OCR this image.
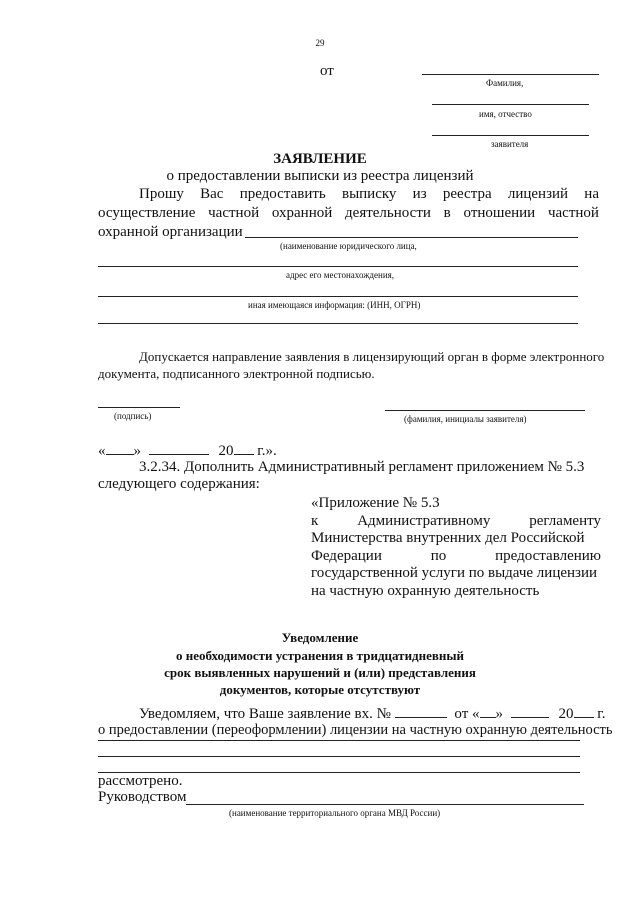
29
от
Фамилия,
имя, отчество
заявителя
ЗАЯВЛЕНИЕ
о предоставлении выписки из реестра лицензий
Прошу Вас предоставить выписку из реестра лицензий на
осуществление частной охранной деятельности в отношении частной
охранной организации
(наименование юридического лица,
адрес его местонахождения,
иная имеющаяся информация: (ИНН, ОГРН)
Допускается направление заявления в лицензирующий орган в форме электронного
документа, подписанного электронной подписью.
(подпись)	(фамилия, инициалы заявителя)
« »	20 г.».
3.2.34. Дополнить Административный регламент приложением № 5.3
следующего содержания:
«Приложение № 5.3
к	Административному	регламенту
Министерства внутренних дел Российской
Федерации	по	предоставлению
государственной услуги по выдаче лицензии
на частную охранную деятельность
Уведомление
о необходимости устранения в тридцатидневный
срок выявленных нарушений и (или) представления
документов, которые отсутствуют
Уведомляем, что Ваше заявление вх. №	от « »	20 г.
о предоставлении (переоформлении) лицензии на частную охранную деятельность
рассмотрено.
Руководством
(наименование территориального органа МВД России)
